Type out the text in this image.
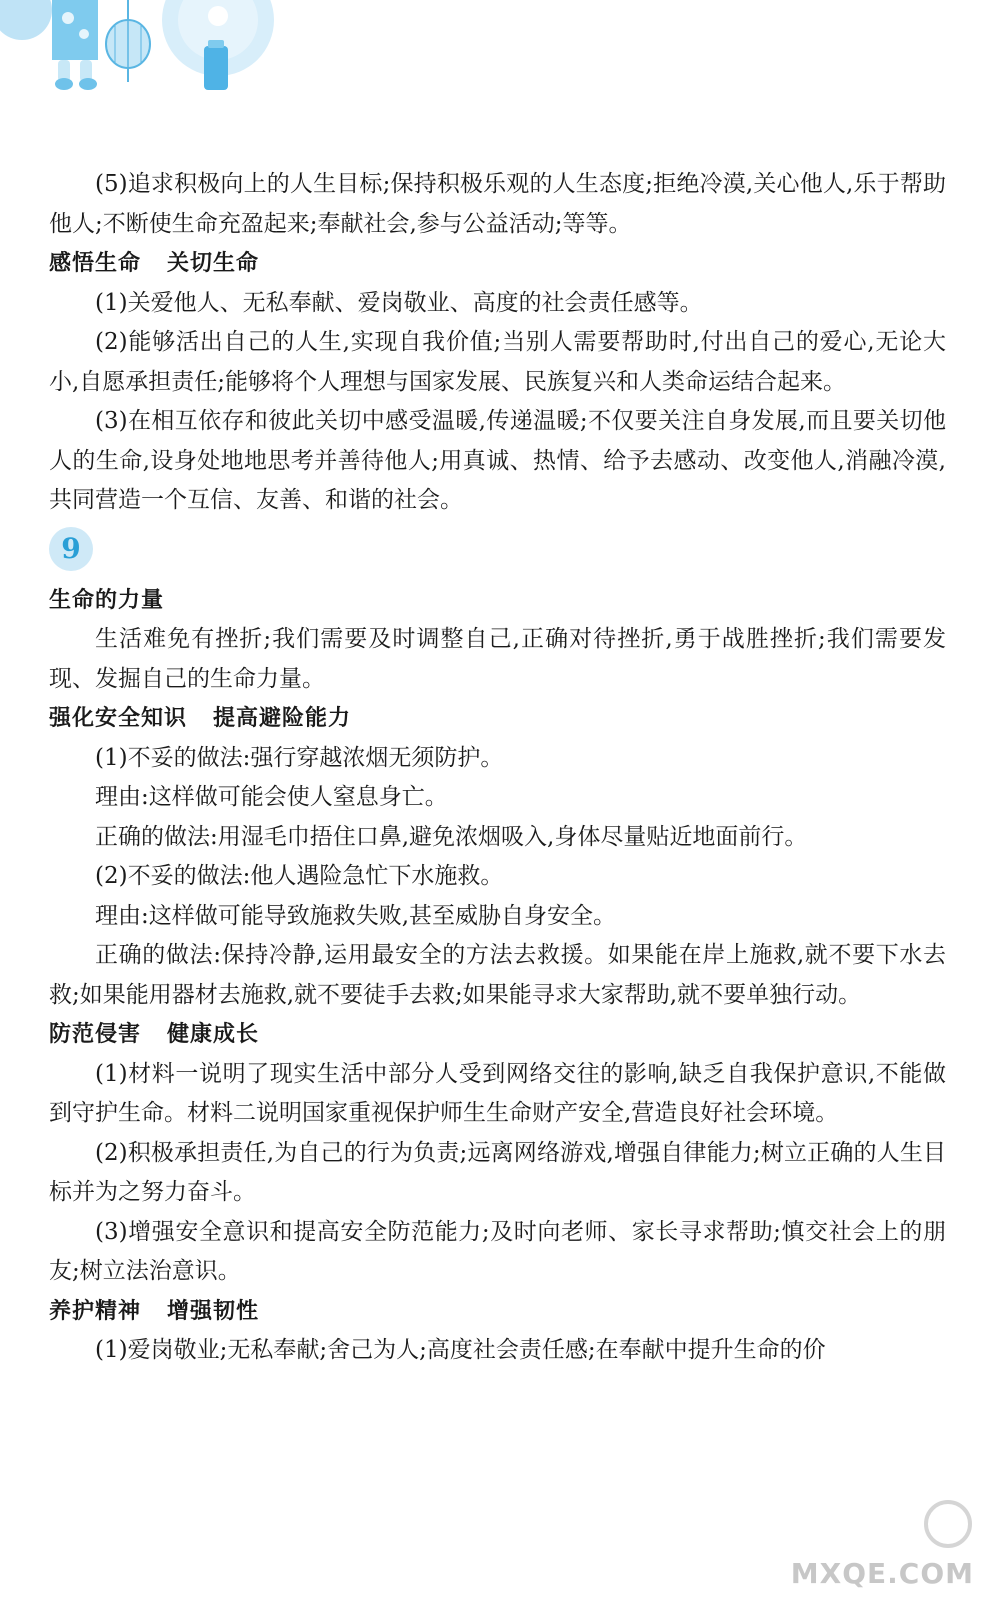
(5)追求积极向上的人生目标;保持积极乐观的人生态度;拒绝冷漠,关心他人,乐于帮助他人;不断使生命充盈起来;奉献社会,参与公益活动;等等。

感悟生命 关切生命

(1)关爱他人、无私奉献、爱岗敬业、高度的社会责任感等。

(2)能够活出自己的人生,实现自我价值;当别人需要帮助时,付出自己的爱心,无论大小,自愿承担责任;能够将个人理想与国家发展、民族复兴和人类命运结合起来。

(3)在相互依存和彼此关切中感受温暖,传递温暖;不仅要关注自身发展,而且要关切他人的生命,设身处地地思考并善待他人;用真诚、热情、给予去感动、改变他人,消融冷漠,共同营造一个互信、友善、和谐的社会。

9
生命的力量

生活难免有挫折;我们需要及时调整自己,正确对待挫折,勇于战胜挫折;我们需要发现、发掘自己的生命力量。

强化安全知识 提高避险能力

(1)不妥的做法:强行穿越浓烟无须防护。

理由:这样做可能会使人窒息身亡。

正确的做法:用湿毛巾捂住口鼻,避免浓烟吸入,身体尽量贴近地面前行。

(2)不妥的做法:他人遇险急忙下水施救。

理由:这样做可能导致施救失败,甚至威胁自身安全。

正确的做法:保持冷静,运用最安全的方法去救援。如果能在岸上施救,就不要下水去救;如果能用器材去施救,就不要徒手去救;如果能寻求大家帮助,就不要单独行动。

防范侵害 健康成长

(1)材料一说明了现实生活中部分人受到网络交往的影响,缺乏自我保护意识,不能做到守护生命。材料二说明国家重视保护师生生命财产安全,营造良好社会环境。

(2)积极承担责任,为自己的行为负责;远离网络游戏,增强自律能力;树立正确的人生目标并为之努力奋斗。

(3)增强安全意识和提高安全防范能力;及时向老师、家长寻求帮助;慎交社会上的朋友;树立法治意识。

养护精神 增强韧性

(1)爱岗敬业;无私奉献;舍己为人;高度社会责任感;在奉献中提升生命的价

MXQE.COM
